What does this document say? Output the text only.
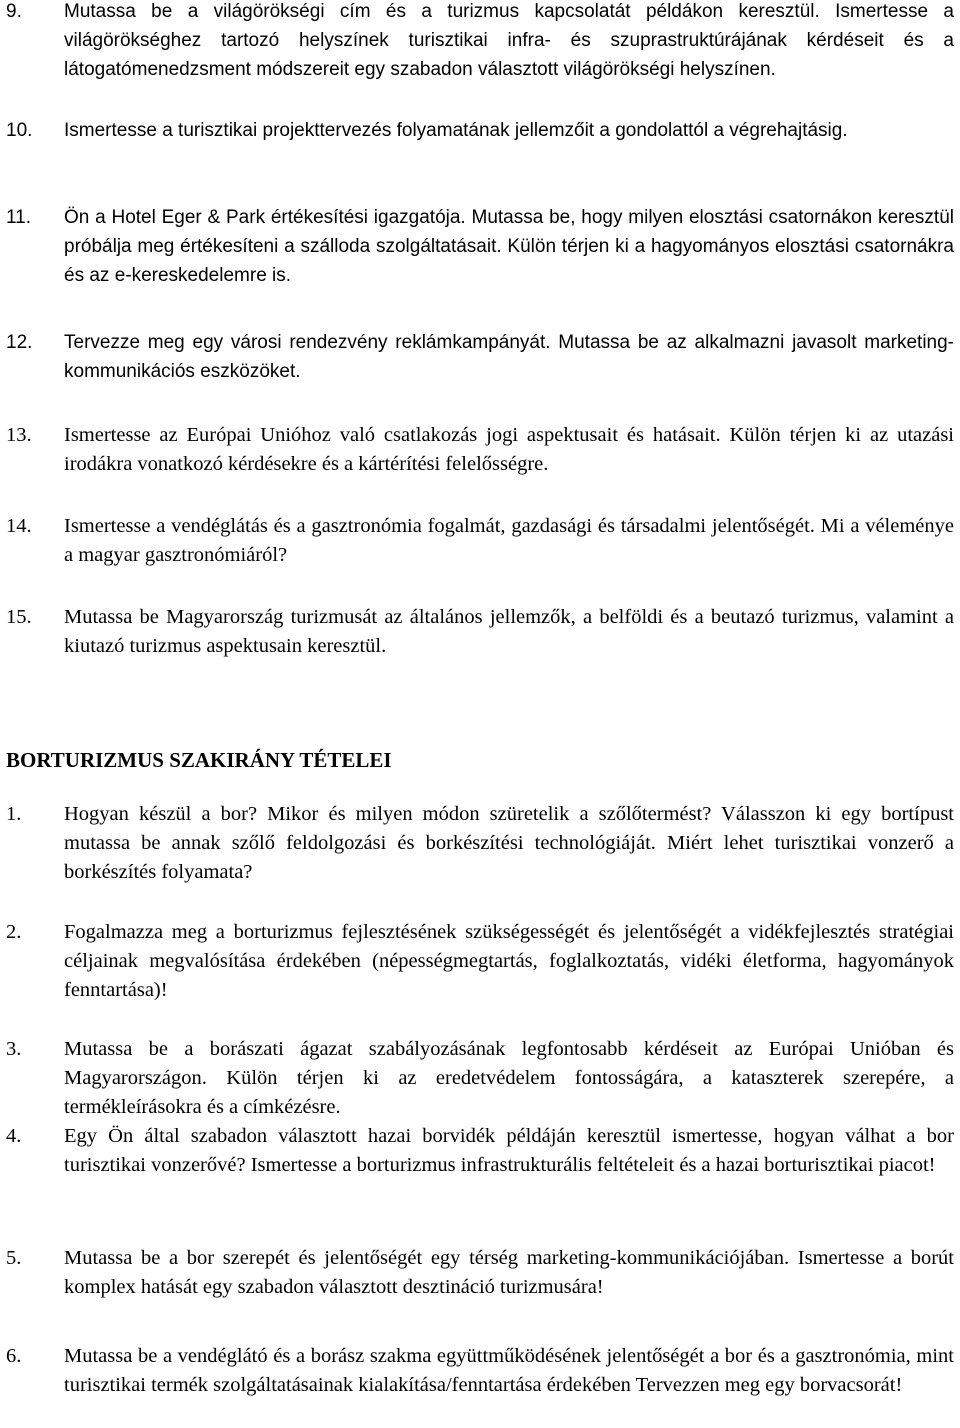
9. Mutassa be a világörökségi cím és a turizmus kapcsolatát példákon keresztül. Ismertesse a világörökséghez tartozó helyszínek turisztikai infra- és szuprastruktúrájának kérdéseit és a látogatómenedzsment módszereit egy szabadon választott világörökségi helyszínen.
10. Ismertesse a turisztikai projekttervezés folyamatának jellemzőit a gondolattól a végrehajtásig.
11. Ön a Hotel Eger & Park értékesítési igazgatója. Mutassa be, hogy milyen elosztási csatornákon keresztül próbálja meg értékesíteni a szálloda szolgáltatásait. Külön térjen ki a hagyományos elosztási csatornákra és az e-kereskedelemre is.
12. Tervezze meg egy városi rendezvény reklámkampányát. Mutassa be az alkalmazni javasolt marketing-kommunikációs eszközöket.
13. Ismertesse az Európai Unióhoz való csatlakozás jogi aspektusait és hatásait. Külön térjen ki az utazási irodákra vonatkozó kérdésekre és a kártérítési felelősségre.
14. Ismertesse a vendéglátás és a gasztronómia fogalmát, gazdasági és társadalmi jelentőségét. Mi a véleménye a magyar gasztronómiáról?
15. Mutassa be Magyarország turizmusát az általános jellemzők, a belföldi és a beutazó turizmus, valamint a kiutazó turizmus aspektusain keresztül.
BORTURIZMUS SZAKIRÁNY TÉTELEI
1. Hogyan készül a bor? Mikor és milyen módon szüretelik a szőlőtermést? Válasszon ki egy bortípust mutassa be annak szőlő feldolgozási és borkészítési technológiáját. Miért lehet turisztikai vonzerő a borkészítés folyamata?
2. Fogalmazza meg a borturizmus fejlesztésének szükségességét és jelentőségét a vidékfejlesztés stratégiai céljainak megvalósítása érdekében (népességmegtartás, foglalkoztatás, vidéki életforma, hagyományok fenntartása)!
3. Mutassa be a borászati ágazat szabályozásának legfontosabb kérdéseit az Európai Unióban és Magyarországon. Külön térjen ki az eredetvédelem fontosságára, a kataszterek szerepére, a termékleírásokra és a címkézésre.
4. Egy Ön által szabadon választott hazai borvidék példáján keresztül ismertesse, hogyan válhat a bor turisztikai vonzerővé? Ismertesse a borturizmus infrastrukturális feltételeit és a hazai borturisztikai piacot!
5. Mutassa be a bor szerepét és jelentőségét egy térség marketing-kommunikációjában. Ismertesse a borút komplex hatását egy szabadon választott desztináció turizmusára!
6. Mutassa be a vendéglátó és a borász szakma együttműködésének jelentőségét a bor és a gasztronómia, mint turisztikai termék szolgáltatásainak kialakítása/fenntartása érdekében Tervezzen meg egy borvacsorát!
